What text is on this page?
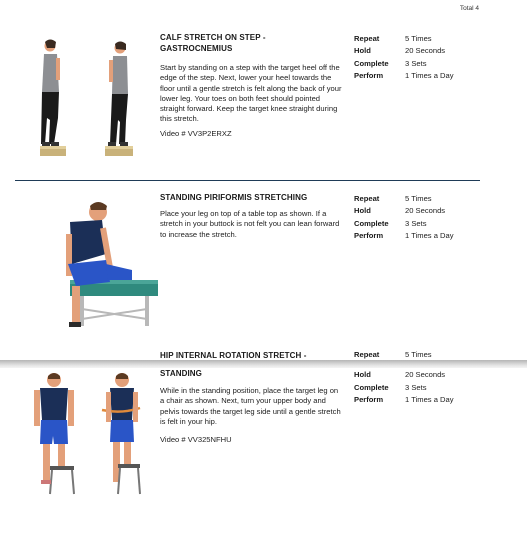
Total 4
CALF STRETCH ON STEP - GASTROCNEMIUS
Start by standing on a step with the target heel off the edge of the step. Next, lower your heel towards the floor until a gentle stretch is felt along the back of your lower leg. Your toes on both feet should pointed straight forward. Keep the target knee straight during this stretch.
Video # VV3P2ERXZ
Repeat	5 Times
Hold	20 Seconds
Complete	3 Sets
Perform	1 Times a Day
STANDING PIRIFORMIS STRETCHING
Place your leg on top of a table top as shown. If a stretch in your buttock is not felt you can lean forward to increase the stretch.
Repeat	5 Times
Hold	20 Seconds
Complete	3 Sets
Perform	1 Times a Day
HIP INTERNAL ROTATION STRETCH -
STANDING
While in the standing position, place the target leg on a chair as shown. Next, turn your upper body and pelvis towards the target leg side until a gentle stretch is felt in your hip.
Video # VV325NFHU
Repeat	5 Times
Hold	20 Seconds
Complete	3 Sets
Perform	1 Times a Day
